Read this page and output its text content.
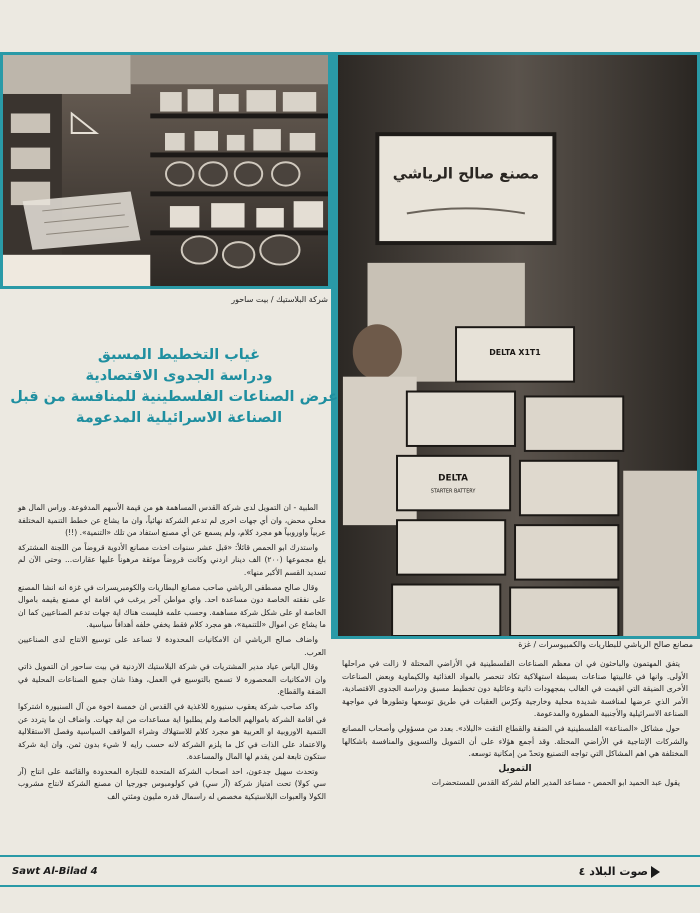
شركة البلاستيك / بيت ساحور
مصنع صالح الرياشي
DELTA X1T1
DELTA
STARTER BATTERY
مصانع صالح الرياشي للبطاريات والكمبيوسرات / غزة
غياب التخطيط المسبق
ودراسة الجدوى الاقتصادية
عرض الصناعات الفلسطينية للمنافسة من قبل
الصناعة الاسرائيلية المدعومة

الطبية - ان التمويل لدى شركة القدس المساهمة هو من قيمة الأسهم المدفوعة. وراس المال هو محلي محض، وان أي جهات اخرى لم تدعم الشركة نهائياً، وان ما يشاع عن خطط التنمية المختلفة عربياً واوروبياً هو مجرد كلام، ولم يسمع عن أي مصنع استفاد من تلك «التنمية». (!!)

واستدرك ابو الحمص قائلاً: «قبل عشر سنوات اخذت مصانع الأدوية قروضاً من اللجنة المشتركة بلغ مجموعها (٢٠٠) الف دينار اردني وكانت قروضاً موثقة مرهوناً عليها عقارات... وحتى الآن لم تسديد القسم الأكبر منها».

وقال صالح مصطفى الرياشي صاحب مصانع البطاريات والكومبريسرات في غزة انه انشا المصنع على نفقته الخاصة دون مساعدة احد. واي مواطن آخر يرغب في اقامة اي مصنع يقيمه باموال الخاصة او على شكل شركة مساهمة. وحسب علمه فليست هناك اية جهات تدعم الصناعيين كما ان ما يشاع عن اموال «للتنمية»، هو مجرد كلام فقط يخفي خلفه أهدافاً سياسية.

واضاف صالح الرياشي ان الامكانيات المحدودة لا تساعد على توسيع الانتاج لدى الصناعيين العرب.

وقال الياس عياد مدير المشتريات في شركة البلاستيك الاردنية في بيت ساحور ان التمويل ذاتي وان الامكانيات المحصورة لا تسمح بالتوسيع في العمل، وهذا شان جميع الصناعات المحلية في الضفة والقطاع.

واكد صاحب شركة يعقوب سنيورة للاغذية في القدس ان خمسة اخوة من آل السنيورة اشتركوا في اقامة الشركة باموالهم الخاصة ولم يطلبوا اية مساعدات من اية جهات. واضاف ان ما يتردد عن التنمية الاوروبية او العربية هو مجرد كلام للاستهلاك وشراء المواقف السياسية وفصل الاستقلالية والاعتماد على الذات في كل ما يلزم الشركة لانه حسب رايه لا شيء بدون ثمن. وان اية شركة ستكون تابعة لمن يقدم لها المال والمساعدة.

وتحدث سهيل جدعون، احد اصحاب الشركة المتحدة للتجارة المحدودة والقائمة على انتاج (آر سي كولا) تحت امتياز شركة (آر سي) في كولومبوس جورجيا ان مصنع الشركة لانتاج مشروب الكولا والعبوات البلاستيكية مخصص له راسمال قدره مليون ومئتي الف

يتفق المهتمون والباحثون في ان معظم الصناعات الفلسطينية في الأراضي المحتلة لا زالت في مراحلها الأولى. وانها في غالبيتها صناعات بسيطة استهلاكية تكاد تنحصر بالمواد الغذائية والكيماوية وبعض الصناعات الأخرى الضيقة التي اقيمت في الغالب بمجهودات ذاتية وعائلية دون تخطيط مسبق ودراسة الجدوى الاقتصادية، الأمر الذي عرضها لمنافسة شديدة محلية وخارجية وكرّس العقبات في طريق توسعها وتطورها في مواجهة الصناعة الاسرائيلية والأجنبية المطورة والمدعومة.

حول مشاكل «الصناعة» الفلسطينية في الضفة والقطاع التقت «البلاد». بعدد من مسؤولي وأصحاب المصانع والشركات الإنتاجية في الأراضي المحتلة. وقد أجمع هؤلاء على أن التمويل والتسويق والمنافسة باشكالها المختلفة هي اهم المشاكل التي تواجه التصنيع وتحدّ من إمكانية توسعه.

التمويل

يقول عبد الحميد ابو الحمص - مساعد المدير العام لشركة القدس للمستحضرات

Sawt Al-Bilad 4	صوت البلاد ٤
